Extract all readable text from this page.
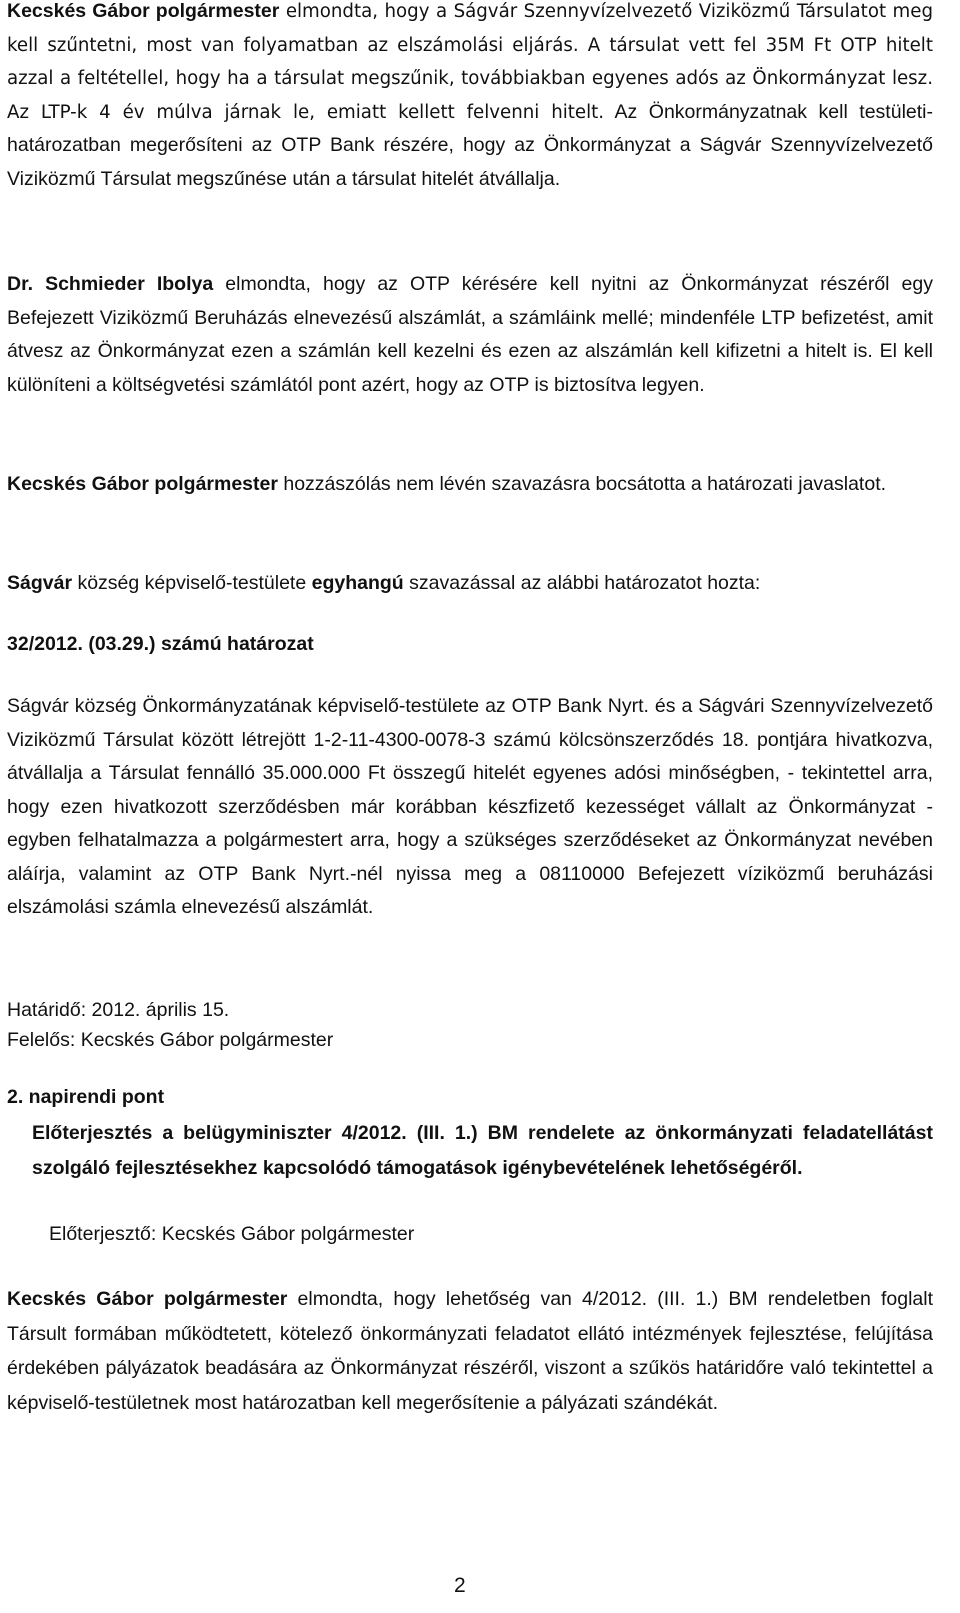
Kecskés Gábor polgármester elmondta, hogy a Ságvár Szennyvízelvezető Viziközmű Társulatot meg kell szűntetni, most van folyamatban az elszámolási eljárás. A társulat vett fel 35M Ft OTP hitelt azzal a feltétellel, hogy ha a társulat megszűnik, továbbiakban egyenes adós az Önkormányzat lesz. Az LTP-k 4 év múlva járnak le, emiatt kellett felvenni hitelt. Az Önkormányzatnak kell testületi-határozatban megerősíteni az OTP Bank részére, hogy az Önkormányzat a Ságvár Szennyvízelvezető Viziközmű Társulat megszűnése után a társulat hitelét átvállalja.

Dr. Schmieder Ibolya elmondta, hogy az OTP kérésére kell nyitni az Önkormányzat részéről egy Befejezett Viziközmű Beruházás elnevezésű alszámlát, a számláink mellé; mindenféle LTP befizetést, amit átvesz az Önkormányzat ezen a számlán kell kezelni és ezen az alszámlán kell kifizetni a hitelt is. El kell különíteni a költségvetési számlától pont azért, hogy az OTP is biztosítva legyen.

Kecskés Gábor polgármester hozzászólás nem lévén szavazásra bocsátotta a határozati javaslatot.

Ságvár község képviselő-testülete egyhangú szavazással az alábbi határozatot hozta:

32/2012. (03.29.) számú határozat

Ságvár község Önkormányzatának képviselő-testülete az OTP Bank Nyrt. és a Ságvári Szennyvízelvezető Viziközmű Társulat között létrejött 1-2-11-4300-0078-3 számú kölcsönszerződés 18. pontjára hivatkozva, átvállalja a Társulat fennálló 35.000.000 Ft összegű hitelét egyenes adósi minőségben, - tekintettel arra, hogy ezen hivatkozott szerződésben már korábban készfizető kezességet vállalt az Önkormányzat - egyben felhatalmazza a polgármestert arra, hogy a szükséges szerződéseket az Önkormányzat nevében aláírja, valamint az OTP Bank Nyrt.-nél nyissa meg a 08110000 Befejezett víziközmű beruházási elszámolási számla elnevezésű alszámlát.

Határidő: 2012. április 15.

Felelős: Kecskés Gábor polgármester

2. napirendi pont

Előterjesztés a belügyminiszter 4/2012. (III. 1.) BM rendelete az önkormányzati feladatellátást szolgáló fejlesztésekhez kapcsolódó támogatások igénybevételének lehetőségéről.

Előterjesztő: Kecskés Gábor polgármester

Kecskés Gábor polgármester elmondta, hogy lehetőség van 4/2012. (III. 1.) BM rendeletben foglalt Társult formában működtetett, kötelező önkormányzati feladatot ellátó intézmények fejlesztése, felújítása érdekében pályázatok beadására az Önkormányzat részéről, viszont a szűkös határidőre való tekintettel a képviselő-testületnek most határozatban kell megerősítenie a pályázati szándékát.

2
